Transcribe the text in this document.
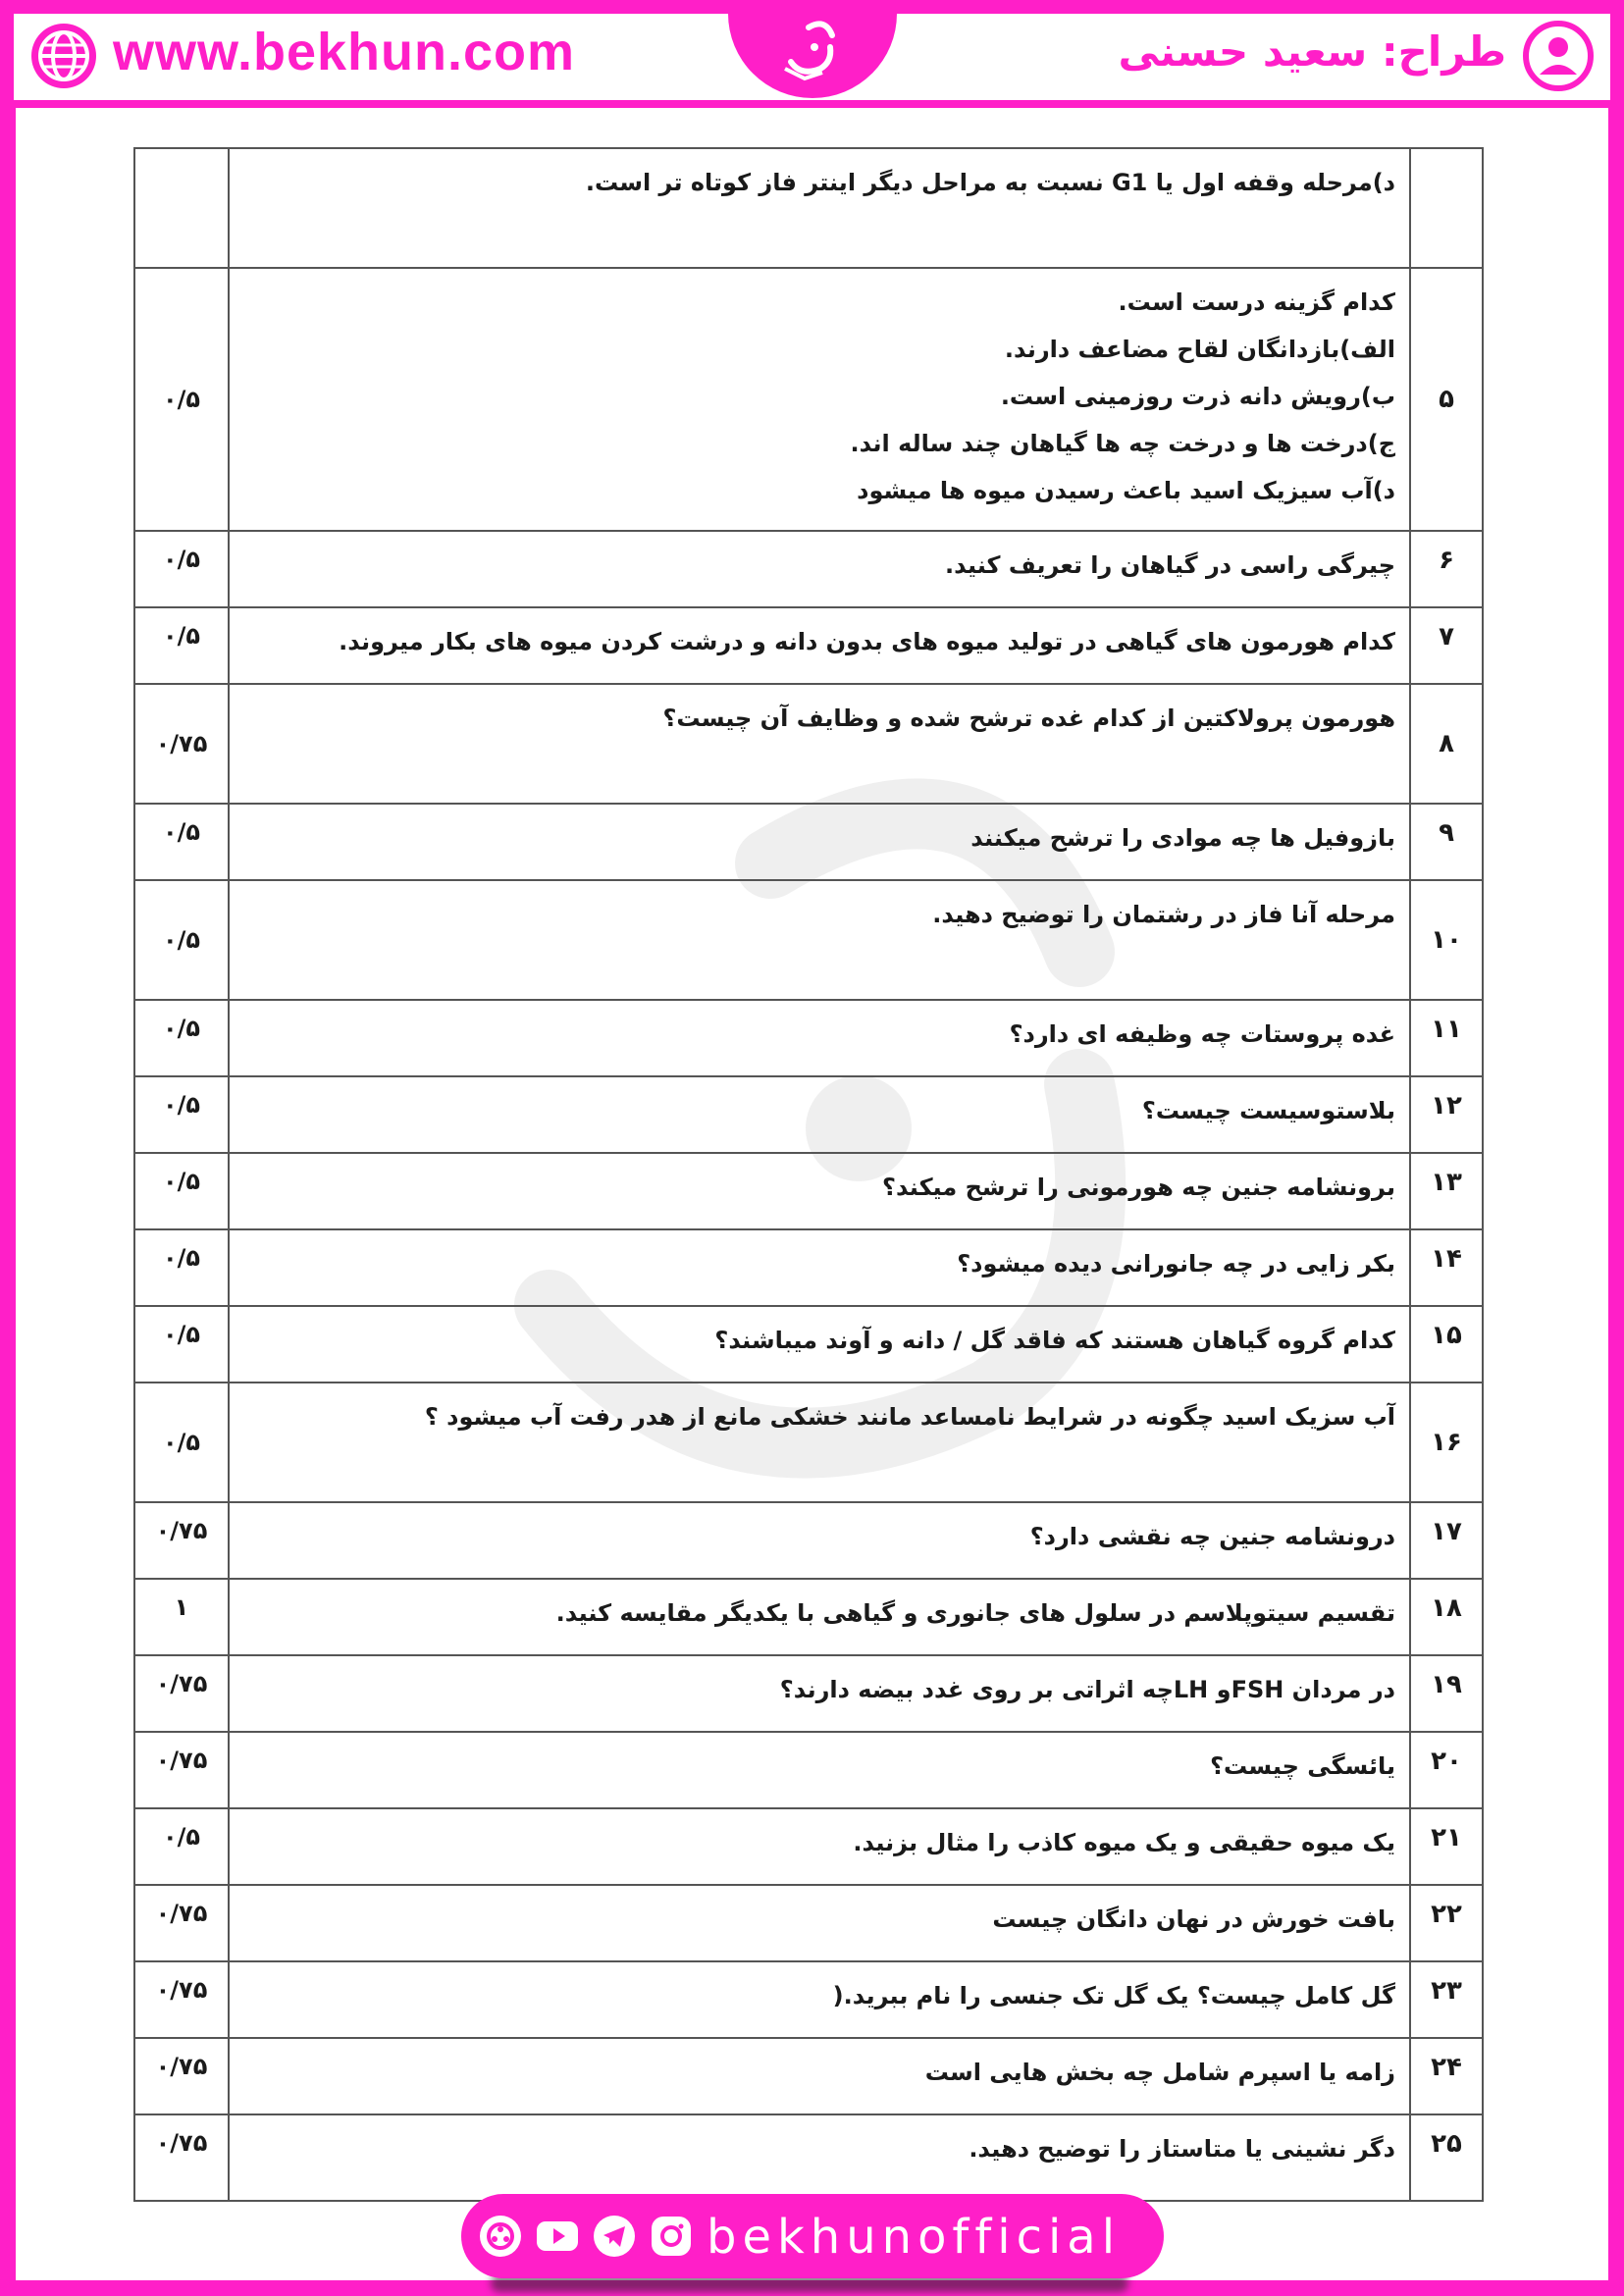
www.bekhun.com	طراح: سعید حسنی

	د)مرحله وقفه اول یا G1 نسبت به مراحل دیگر اینتر فاز کوتاه تر است.	

۵	کدام گزینه درست است.
الف)بازدانگان لقاح مضاعف دارند.
ب)رویش دانه ذرت روزمینی است.
ج)درخت ها و درخت چه ها گیاهان چند ساله اند.
د)آب سیزیک اسید باعث رسیدن میوه ها میشود	۰/۵
۶	چیرگی راسی در گیاهان را تعریف کنید.	۰/۵
۷	کدام هورمون های گیاهی در تولید میوه های بدون دانه و درشت کردن میوه های بکار میروند.	۰/۵
۸	هورمون پرولاکتین از کدام غده ترشح شده و وظایف آن چیست؟	۰/۷۵
۹	بازوفیل ها چه موادی را ترشح میکنند	۰/۵
۱۰	مرحله آنا فاز در رشتمان را توضیح دهید.	۰/۵
۱۱	غده پروستات چه وظیفه ای دارد؟	۰/۵
۱۲	بلاستوسیست چیست؟	۰/۵
۱۳	برونشامه جنین چه هورمونی را ترشح میکند؟	۰/۵
۱۴	بکر زایی در چه جانورانی دیده میشود؟	۰/۵
۱۵	کدام گروه گیاهان هستند که فاقد گل / دانه و آوند میباشند؟	۰/۵
۱۶	آب سزیک اسید چگونه در شرایط نامساعد مانند خشکی مانع از هدر رفت آب میشود ؟	۰/۵
۱۷	درونشامه جنین چه نقشی دارد؟	۰/۷۵
۱۸	تقسیم سیتوپلاسم در سلول های جانوری و گیاهی با یکدیگر مقایسه کنید.	۱
۱۹	در مردان FSHو LHچه اثراتی بر روی غدد بیضه دارند؟	۰/۷۵
۲۰	یائسگی چیست؟	۰/۷۵
۲۱	یک میوه حقیقی و یک میوه کاذب را مثال بزنید.	۰/۵
۲۲	بافت خورش در نهان دانگان چیست	۰/۷۵
۲۳	گل کامل چیست؟ یک گل تک جنسی را نام ببرید.(	۰/۷۵
۲۴	زامه یا اسپرم شامل چه بخش هایی است	۰/۷۵
۲۵	دگر نشینی یا متاستاز را توضیح دهید.	۰/۷۵
bekhunofficial
